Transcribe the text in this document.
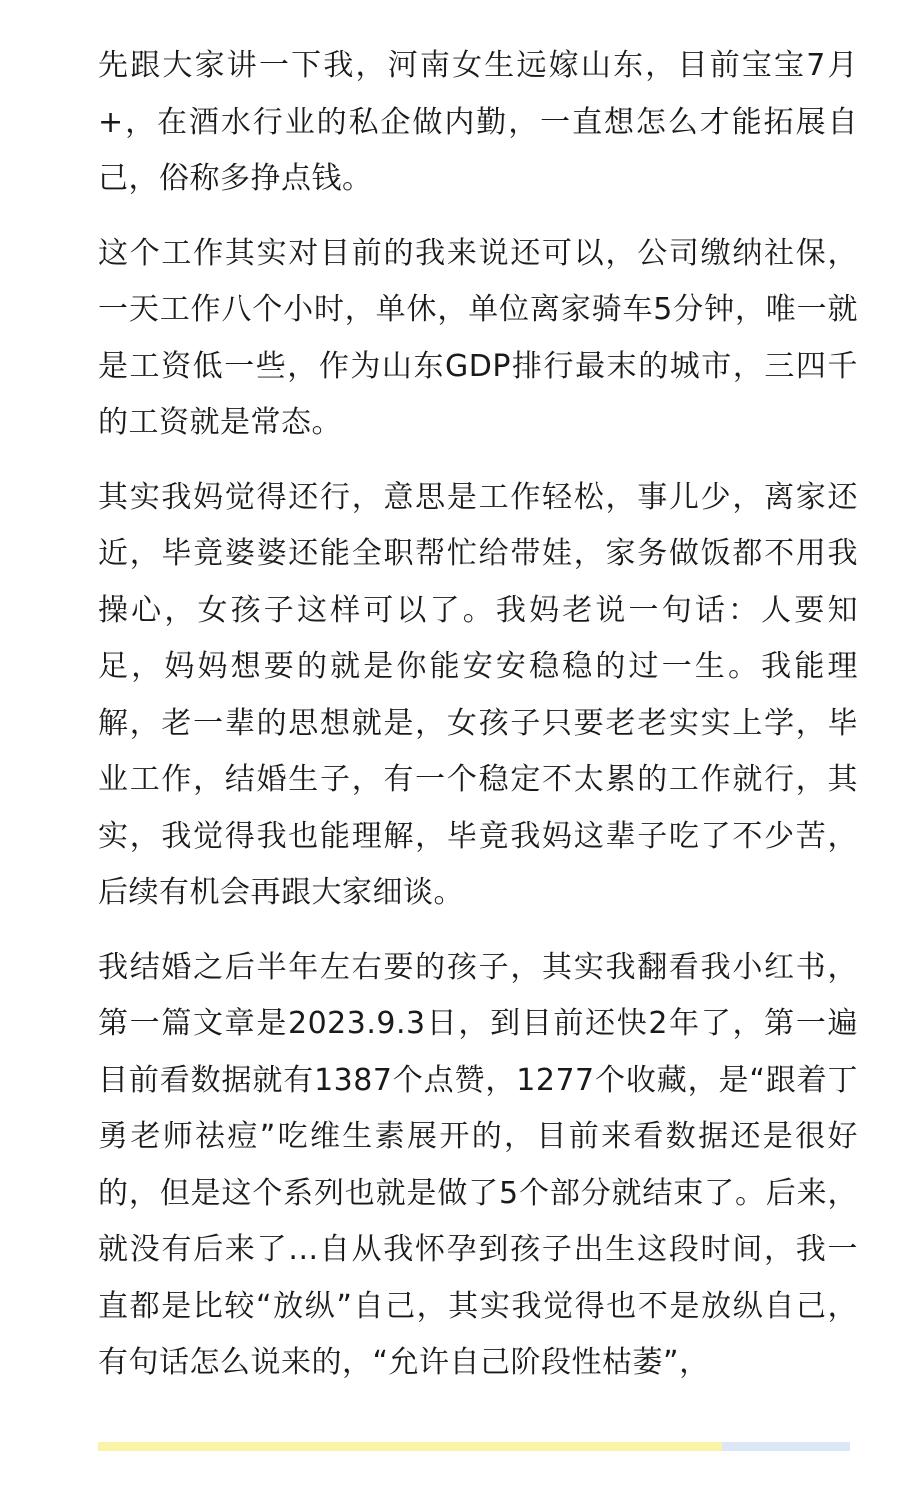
先跟大家讲一下我，河南女生远嫁山东，目前宝宝7月+，在酒水行业的私企做内勤，一直想怎么才能拓展自己，俗称多挣点钱。

这个工作其实对目前的我来说还可以，公司缴纳社保，一天工作八个小时，单休，单位离家骑车5分钟，唯一就是工资低一些，作为山东GDP排行最末的城市，三四千的工资就是常态。

其实我妈觉得还行，意思是工作轻松，事儿少，离家还近，毕竟婆婆还能全职帮忙给带娃，家务做饭都不用我操心，女孩子这样可以了。我妈老说一句话：人要知足，妈妈想要的就是你能安安稳稳的过一生。我能理解，老一辈的思想就是，女孩子只要老老实实上学，毕业工作，结婚生子，有一个稳定不太累的工作就行，其实，我觉得我也能理解，毕竟我妈这辈子吃了不少苦，后续有机会再跟大家细谈。

我结婚之后半年左右要的孩子，其实我翻看我小红书，第一篇文章是2023.9.3日，到目前还快2年了，第一遍目前看数据就有1387个点赞，1277个收藏，是“跟着丁勇老师祛痘”吃维生素展开的，目前来看数据还是很好的，但是这个系列也就是做了5个部分就结束了。后来，就没有后来了...自从我怀孕到孩子出生这段时间，我一直都是比较“放纵”自己，其实我觉得也不是放纵自己，有句话怎么说来的，“允许自己阶段性枯萎”，
